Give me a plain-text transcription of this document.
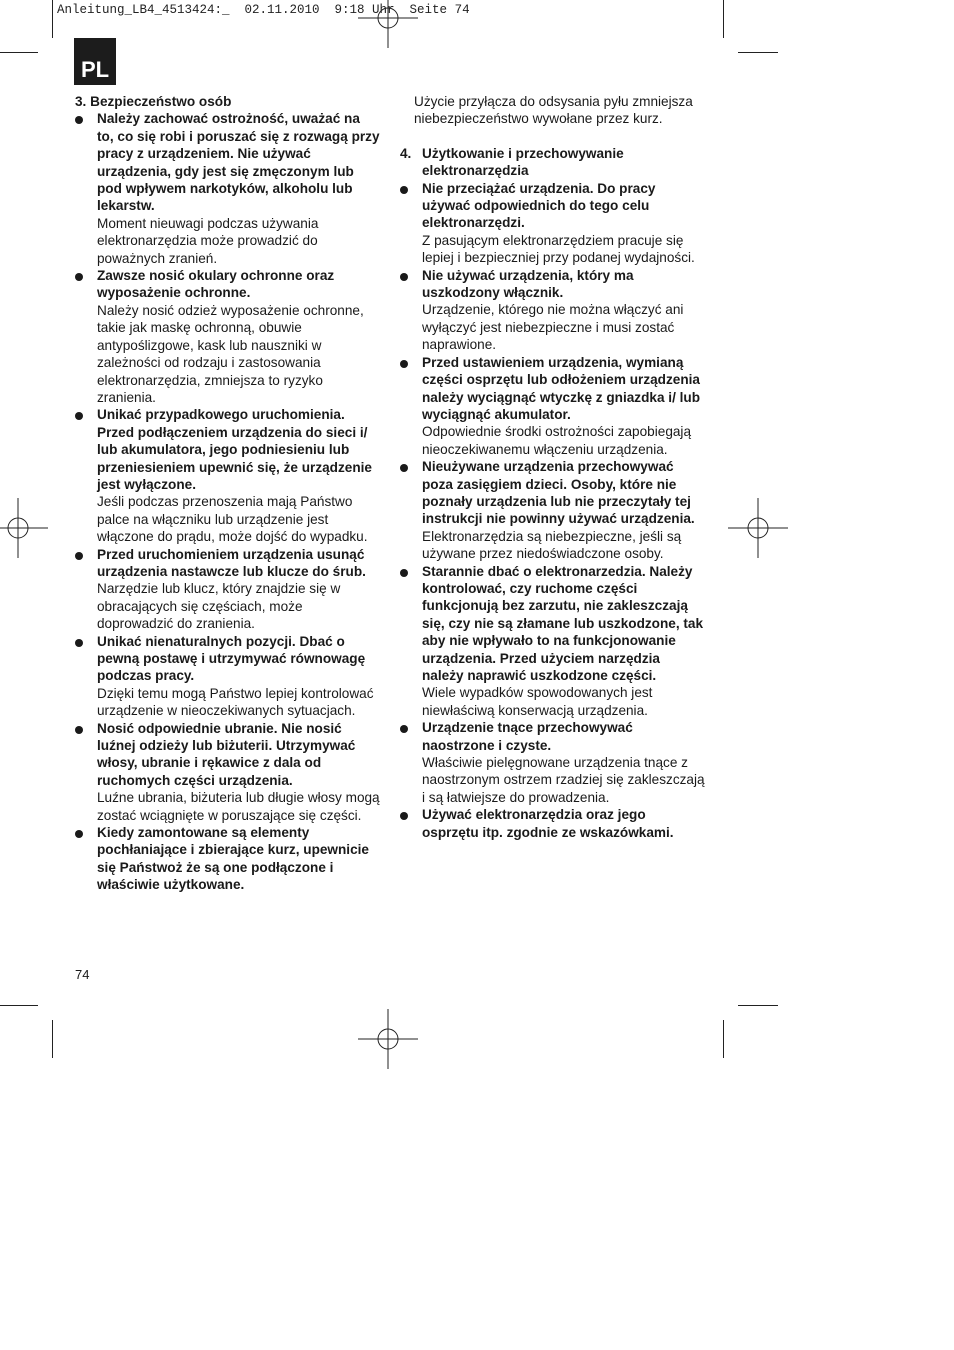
Anleitung_LB4_4513424:_  02.11.2010  9:18 Uhr  Seite 74
PL
3. Bezpieczeństwo osób
Należy zachować ostrożność, uważać na to, co się robi i poruszać się z rozwagą przy pracy z urządzeniem. Nie używać urządzenia, gdy jest się zmęczonym lub pod wpływem narkotyków, alkoholu lub lekarstw.
Moment nieuwagi podczas używania elektronarzędzia może prowadzić do poważnych zranień.
Zawsze nosić okulary ochronne oraz wyposażenie ochronne.
Należy nosić odzież wyposażenie ochronne, takie jak maskę ochronną, obuwie antypoślizgowe, kask lub nauszniki w zależności od rodzaju i zastosowania elektronarzędzia, zmniejsza to ryzyko zranienia.
Unikać przypadkowego uruchomienia. Przed podłączeniem urządzenia do sieci i/ lub akumulatora, jego podniesieniu lub przeniesieniem upewnić się, że urządzenie jest wyłączone.
Jeśli podczas przenoszenia mają Państwo palce na włączniku lub urządzenie jest włączone do prądu, może dojść do wypadku.
Przed uruchomieniem urządzenia usunąć urządzenia nastawcze lub klucze do śrub.
Narzędzie lub klucz, który znajdzie się w obracających się częściach, może doprowadzić do zranienia.
Unikać nienaturalnych pozycji. Dbać o pewną postawę i utrzymywać równowagę podczas pracy.
Dzięki temu mogą Państwo lepiej kontrolować urządzenie w nieoczekiwanych sytuacjach.
Nosić odpowiednie ubranie. Nie nosić luźnej odzieży lub biżuterii. Utrzymywać włosy, ubranie i rękawice z dala od ruchomych części urządzenia.
Luźne ubrania, biżuteria lub długie włosy mogą zostać wciągnięte w poruszające się części.
Kiedy zamontowane są elementy pochłaniające i zbierające kurz, upewnicie się Państwoż że są one podłączone i właściwie użytkowane.
Użycie przyłącza do odsysania pyłu zmniejsza niebezpieczeństwo wywołane przez kurz.
4. Użytkowanie i przechowywanie elektronarzędzia
Nie przeciążać urządzenia. Do pracy używać odpowiednich do tego celu elektronarzędzi.
Z pasującym elektronarzędziem pracuje się lepiej i bezpieczniej przy podanej wydajności.
Nie używać urządzenia, który ma uszkodzony włącznik.
Urządzenie, którego nie można włączyć ani wyłączyć jest niebezpieczne i musi zostać naprawione.
Przed ustawieniem urządzenia, wymianą części osprzętu lub odłożeniem urządzenia należy wyciągnąć wtyczkę z gniazdka i/ lub wyciągnąć akumulator.
Odpowiednie środki ostrożności zapobiegają nieoczekiwanemu włączeniu urządzenia.
Nieużywane urządzenia przechowywać poza zasięgiem dzieci. Osoby, które nie poznały urządzenia lub nie przeczytały tej instrukcji nie powinny używać urządzenia.
Elektronarzędzia są niebezpieczne, jeśli są używane przez niedoświadczone osoby.
Starannie dbać o elektronarzedzia. Należy kontrolować, czy ruchome części funkcjonują bez zarzutu, nie zakleszczają się, czy nie są złamane lub uszkodzone, tak aby nie wpływało to na funkcjonowanie urządzenia. Przed użyciem narzędzia należy naprawić uszkodzone części.
Wiele wypadków spowodowanych jest niewłaściwą konserwacją urządzenia.
Urządzenie tnące przechowywać naostrzone i czyste.
Właściwie pielęgnowane urządzenia tnące z naostrzonym ostrzem rzadziej się zakleszczają i są łatwiejsze do prowadzenia.
Używać elektronarzędzia oraz jego osprzętu itp. zgodnie ze wskazówkami.
74
